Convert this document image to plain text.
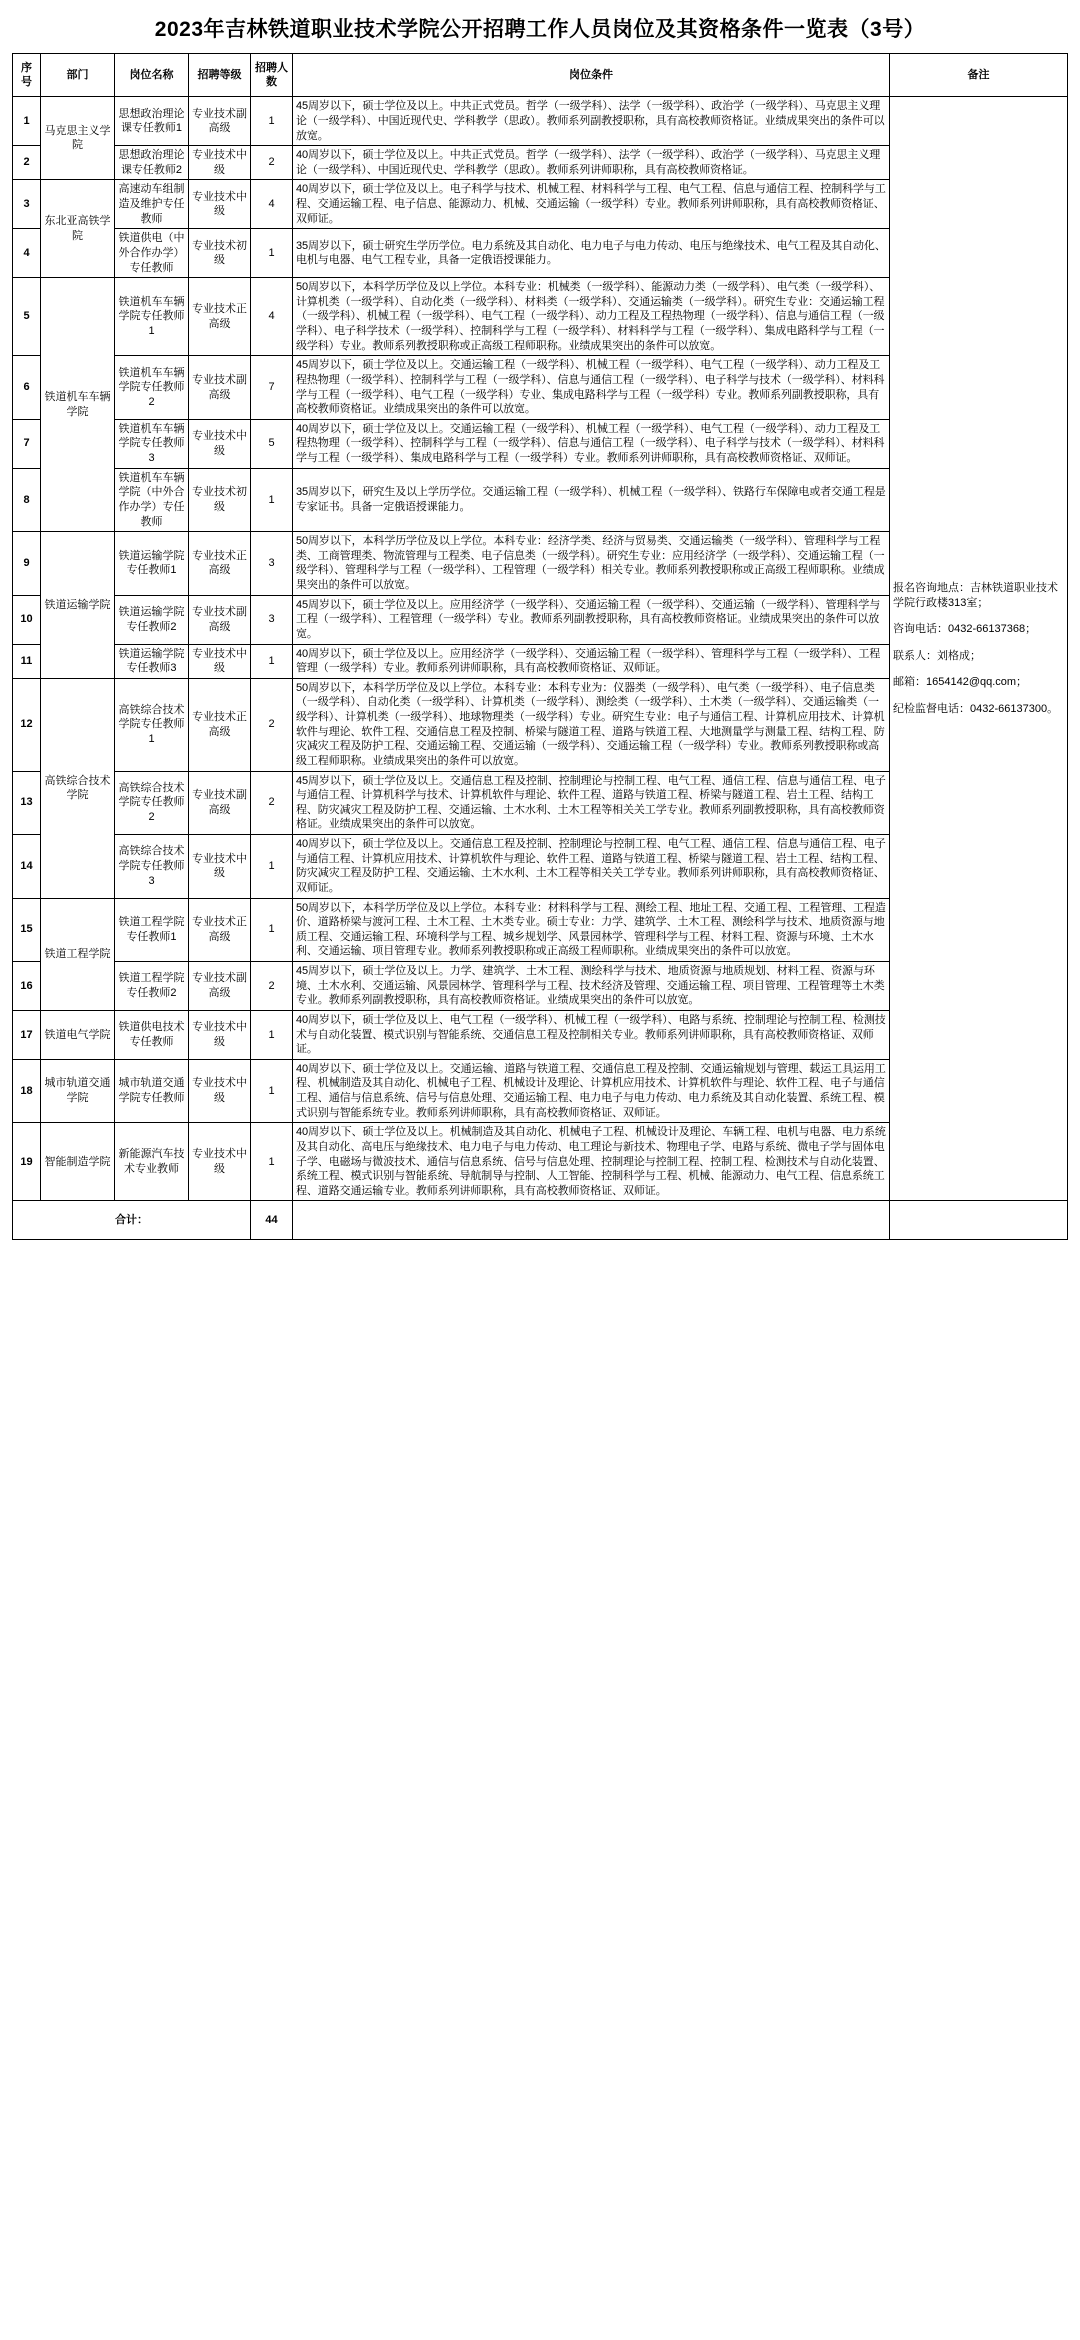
2023年吉林铁道职业技术学院公开招聘工作人员岗位及其资格条件一览表（3号）
序号	部门	岗位名称	招聘等级	招聘人数	岗位条件	备注
1	马克思主义学院	思想政治理论课专任教师1	专业技术副高级	1	45周岁以下，硕士学位及以上。中共正式党员。哲学（一级学科）、法学（一级学科）、政治学（一级学科）、马克思主义理论（一级学科）、中国近现代史、学科教学（思政）。教师系列副教授职称，具有高校教师资格证。业绩成果突出的条件可以放宽。	报名咨询地点：吉林铁道职业技术学院行政楼313室；

咨询电话：0432-66137368；

联系人：刘格成；

邮箱：1654142@qq.com；

纪检监督电话：0432-66137300。

2		思想政治理论课专任教师2	专业技术中级	2	40周岁以下，硕士学位及以上。中共正式党员。哲学（一级学科）、法学（一级学科）、政治学（一级学科）、马克思主义理论（一级学科）、中国近现代史、学科教学（思政）。教师系列讲师职称，具有高校教师资格证。	
3	东北亚高铁学院	高速动车组制造及维护专任教师	专业技术中级	4	40周岁以下，硕士学位及以上。电子科学与技术、机械工程、材料科学与工程、电气工程、信息与通信工程、控制科学与工程、交通运输工程、电子信息、能源动力、机械、交通运输（一级学科）专业。教师系列讲师职称，具有高校教师资格证、双师证。	
4		铁道供电（中外合作办学）专任教师	专业技术初级	1	35周岁以下，硕士研究生学历学位。电力系统及其自动化、电力电子与电力传动、电压与绝缘技术、电气工程及其自动化、电机与电器、电气工程专业，具备一定俄语授课能力。	
5	铁道机车车辆学院	铁道机车车辆学院专任教师1	专业技术正高级	4	50周岁以下，本科学历学位及以上学位。本科专业：机械类（一级学科）、能源动力类（一级学科）、电气类（一级学科）、计算机类（一级学科）、自动化类（一级学科）、材料类（一级学科）、交通运输类（一级学科）。研究生专业：交通运输工程（一级学科）、机械工程（一级学科）、电气工程（一级学科）、动力工程及工程热物理（一级学科）、信息与通信工程（一级学科）、电子科学技术（一级学科）、控制科学与工程（一级学科）、材料科学与工程（一级学科）、集成电路科学与工程（一级学科）专业。教师系列教授职称或正高级工程师职称。业绩成果突出的条件可以放宽。	
6		铁道机车车辆学院专任教师2	专业技术副高级	7	45周岁以下，硕士学位及以上。交通运输工程（一级学科）、机械工程（一级学科）、电气工程（一级学科）、动力工程及工程热物理（一级学科）、控制科学与工程（一级学科）、信息与通信工程（一级学科）、电子科学与技术（一级学科）、材料科学与工程（一级学科）、电气工程（一级学科）专业、集成电路科学与工程（一级学科）专业。教师系列副教授职称，具有高校教师资格证。业绩成果突出的条件可以放宽。	
7		铁道机车车辆学院专任教师3	专业技术中级	5	40周岁以下，硕士学位及以上。交通运输工程（一级学科）、机械工程（一级学科）、电气工程（一级学科）、动力工程及工程热物理（一级学科）、控制科学与工程（一级学科）、信息与通信工程（一级学科）、电子科学与技术（一级学科）、材料科学与工程（一级学科）、集成电路科学与工程（一级学科）专业。教师系列讲师职称，具有高校教师资格证、双师证。	
8		铁道机车车辆学院（中外合作办学）专任教师	专业技术初级	1	35周岁以下，研究生及以上学历学位。交通运输工程（一级学科）、机械工程（一级学科）、铁路行车保障电或者交通工程是专家证书。具备一定俄语授课能力。	
9	铁道运输学院	铁道运输学院专任教师1	专业技术正高级	3	50周岁以下，本科学历学位及以上学位。本科专业：经济学类、经济与贸易类、交通运输类（一级学科）、管理科学与工程类、工商管理类、物流管理与工程类、电子信息类（一级学科）。研究生专业：应用经济学（一级学科）、交通运输工程（一级学科）、管理科学与工程（一级学科）、工程管理（一级学科）相关专业。教师系列教授职称或正高级工程师职称。业绩成果突出的条件可以放宽。	
10		铁道运输学院专任教师2	专业技术副高级	3	45周岁以下，硕士学位及以上。应用经济学（一级学科）、交通运输工程（一级学科）、交通运输（一级学科）、管理科学与工程（一级学科）、工程管理（一级学科）专业。教师系列副教授职称，具有高校教师资格证。业绩成果突出的条件可以放宽。	
11		铁道运输学院专任教师3	专业技术中级	1	40周岁以下，硕士学位及以上。应用经济学（一级学科）、交通运输工程（一级学科）、管理科学与工程（一级学科）、工程管理（一级学科）专业。教师系列讲师职称，具有高校教师资格证、双师证。	
12	高铁综合技术学院	高铁综合技术学院专任教师1	专业技术正高级	2	50周岁以下，本科学历学位及以上学位。本科专业：本科专业为：仪器类（一级学科）、电气类（一级学科）、电子信息类（一级学科）、自动化类（一级学科）、计算机类（一级学科）、测绘类（一级学科）、土木类（一级学科）、交通运输类（一级学科）、计算机类（一级学科）、地球物理类（一级学科）专业。研究生专业：电子与通信工程、计算机应用技术、计算机软件与理论、软件工程、交通信息工程及控制、桥梁与隧道工程、道路与铁道工程、大地测量学与测量工程、结构工程、防灾减灾工程及防护工程、交通运输工程、交通运输（一级学科）、交通运输工程（一级学科）专业。教师系列教授职称或高级工程师职称。业绩成果突出的条件可以放宽。	
13		高铁综合技术学院专任教师2	专业技术副高级	2	45周岁以下，硕士学位及以上。交通信息工程及控制、控制理论与控制工程、电气工程、通信工程、信息与通信工程、电子与通信工程、计算机科学与技术、计算机软件与理论、软件工程、道路与铁道工程、桥梁与隧道工程、岩土工程、结构工程、防灾减灾工程及防护工程、交通运输、土木水利、土木工程等相关关工学专业。教师系列副教授职称，具有高校教师资格证。业绩成果突出的条件可以放宽。	
14		高铁综合技术学院专任教师3	专业技术中级	1	40周岁以下，硕士学位及以上。交通信息工程及控制、控制理论与控制工程、电气工程、通信工程、信息与通信工程、电子与通信工程、计算机应用技术、计算机软件与理论、软件工程、道路与铁道工程、桥梁与隧道工程、岩土工程、结构工程、防灾减灾工程及防护工程、交通运输、土木水利、土木工程等相关关工学专业。教师系列讲师职称，具有高校教师资格证、双师证。	
15	铁道工程学院	铁道工程学院专任教师1	专业技术正高级	1	50周岁以下，本科学历学位及以上学位。本科专业：材料科学与工程、测绘工程、地址工程、交通工程、工程管理、工程造价、道路桥梁与渡河工程、土木工程、土木类专业。硕士专业：力学、建筑学、土木工程、测绘科学与技术、地质资源与地质工程、交通运输工程、环境科学与工程、城乡规划学、风景园林学、管理科学与工程、材料工程、资源与环境、土木水利、交通运输、项目管理专业。教师系列教授职称或正高级工程师职称。业绩成果突出的条件可以放宽。	
16		铁道工程学院专任教师2	专业技术副高级	2	45周岁以下，硕士学位及以上。力学、建筑学、土木工程、测绘科学与技术、地质资源与地质规划、材料工程、资源与环境、土木水利、交通运输、风景园林学、管理科学与工程、技术经济及管理、交通运输工程、项目管理、工程管理等土木类专业。教师系列副教授职称，具有高校教师资格证。业绩成果突出的条件可以放宽。	
17	铁道电气学院	铁道供电技术专任教师	专业技术中级	1	40周岁以下，硕士学位及以上、电气工程（一级学科）、机械工程（一级学科）、电路与系统、控制理论与控制工程、检测技术与自动化装置、模式识别与智能系统、交通信息工程及控制相关专业。教师系列讲师职称，具有高校教师资格证、双师证。	
18	城市轨道交通学院	城市轨道交通学院专任教师	专业技术中级	1	40周岁以下、硕士学位及以上。交通运输、道路与铁道工程、交通信息工程及控制、交通运输规划与管理、载运工具运用工程、机械制造及其自动化、机械电子工程、机械设计及理论、计算机应用技术、计算机软件与理论、软件工程、电子与通信工程、通信与信息系统、信号与信息处理、交通运输工程、电力电子与电力传动、电力系统及其自动化装置、系统工程、模式识别与智能系统专业。教师系列讲师职称，具有高校教师资格证、双师证。	
19	智能制造学院	新能源汽车技术专业教师	专业技术中级	1	40周岁以下、硕士学位及以上。机械制造及其自动化、机械电子工程、机械设计及理论、车辆工程、电机与电器、电力系统及其自动化、高电压与绝缘技术、电力电子与电力传动、电工理论与新技术、物理电子学、电路与系统、微电子学与固体电子学、电磁场与微波技术、通信与信息系统、信号与信息处理、控制理论与控制工程、控制工程、检测技术与自动化装置、系统工程、模式识别与智能系统、导航制导与控制、人工智能、控制科学与工程、机械、能源动力、电气工程、信息系统工程、道路交通运输专业。教师系列讲师职称，具有高校教师资格证、双师证。	
合计：				44		
